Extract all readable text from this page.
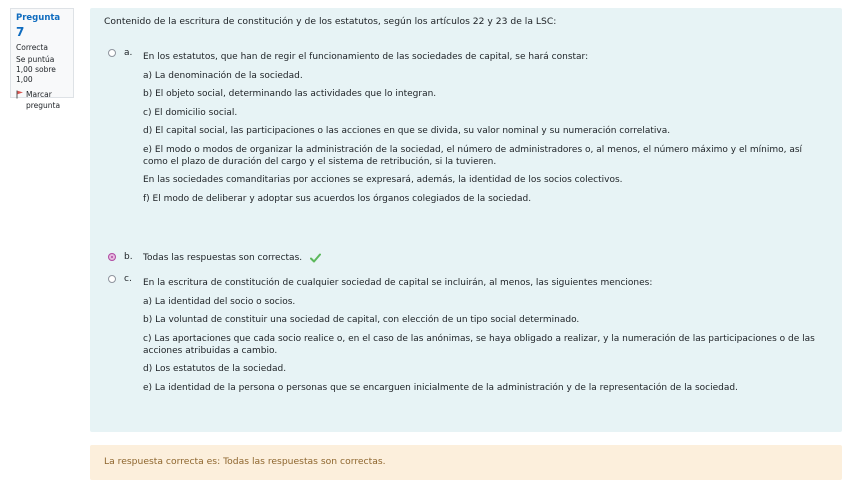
Pregunta 7
Correcta
Se puntúa 1,00 sobre 1,00
Marcar pregunta
Contenido de la escritura de constitución y de los estatutos, según los artículos 22 y 23 de la LSC:
a. En los estatutos, que han de regir el funcionamiento de las sociedades de capital, se hará constar:

a) La denominación de la sociedad.

b) El objeto social, determinando las actividades que lo integran.

c) El domicilio social.

d) El capital social, las participaciones o las acciones en que se divida, su valor nominal y su numeración correlativa.

e) El modo o modos de organizar la administración de la sociedad, el número de administradores o, al menos, el número máximo y el mínimo, así como el plazo de duración del cargo y el sistema de retribución, si la tuvieren.

En las sociedades comanditarias por acciones se expresará, además, la identidad de los socios colectivos.

f) El modo de deliberar y adoptar sus acuerdos los órganos colegiados de la sociedad.

b. Todas las respuestas son correctas.
c. En la escritura de constitución de cualquier sociedad de capital se incluirán, al menos, las siguientes menciones:

a) La identidad del socio o socios.

b) La voluntad de constituir una sociedad de capital, con elección de un tipo social determinado.

c) Las aportaciones que cada socio realice o, en el caso de las anónimas, se haya obligado a realizar, y la numeración de las participaciones o de las acciones atribuidas a cambio.

d) Los estatutos de la sociedad.

e) La identidad de la persona o personas que se encarguen inicialmente de la administración y de la representación de la sociedad.

La respuesta correcta es: Todas las respuestas son correctas.
